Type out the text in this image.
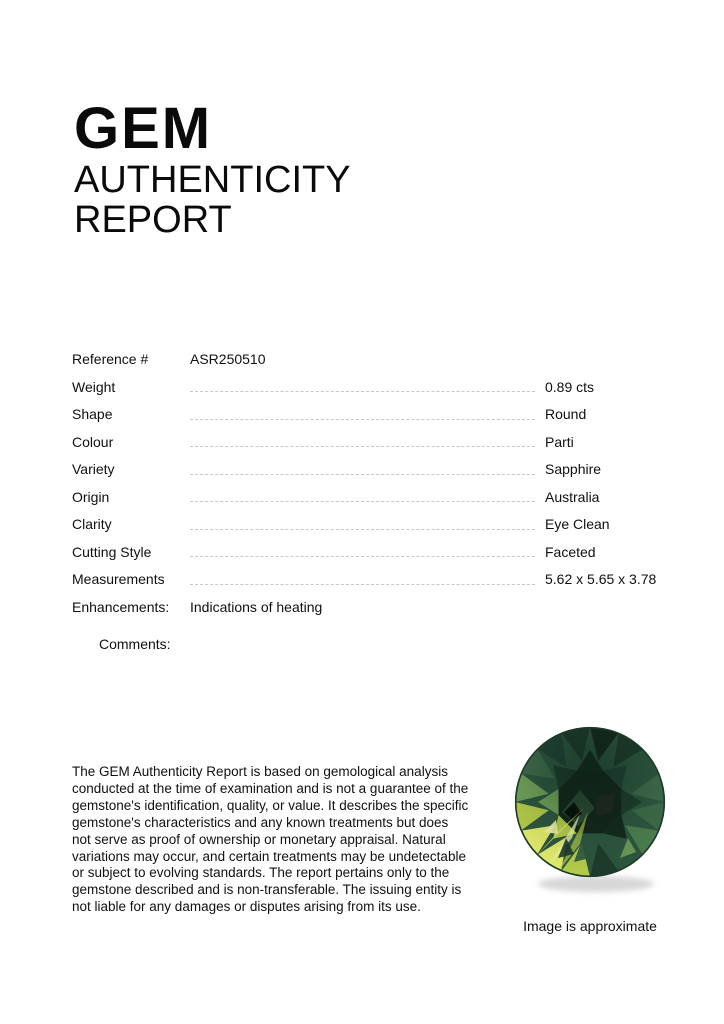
GEM
AUTHENTICITY REPORT
Reference #	ASR250510
Weight	0.89 cts
Shape	Round
Colour	Parti
Variety	Sapphire
Origin	Australia
Clarity	Eye Clean
Cutting Style	Faceted
Measurements	5.62 x 5.65 x 3.78
Enhancements:	Indications of heating
Comments:

The GEM Authenticity Report is based on gemological analysis conducted at the time of examination and is not a guarantee of the gemstone's identification, quality, or value. It describes the specific gemstone's characteristics and any known treatments but does not serve as proof of ownership or monetary appraisal. Natural variations may occur, and certain treatments may be undetectable or subject to evolving standards. The report pertains only to the gemstone described and is non-transferable. The issuing entity is not liable for any damages or disputes arising from its use.

Image is approximate
